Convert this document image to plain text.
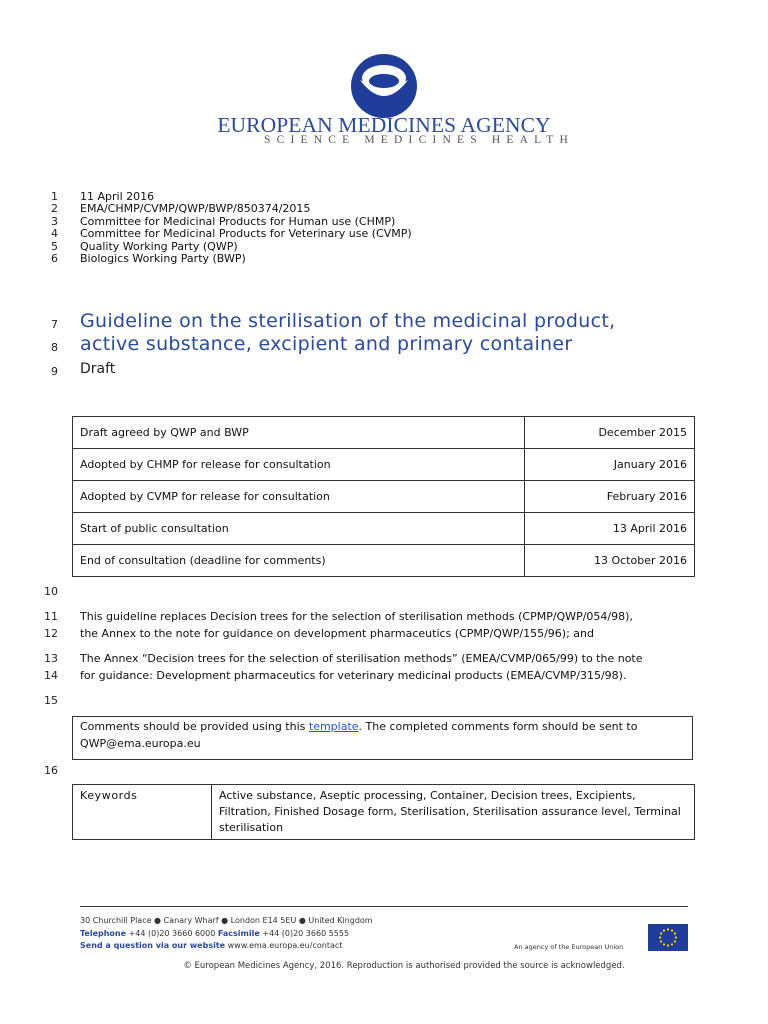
EUROPEAN MEDICINES AGENCY
SCIENCE MEDICINES HEALTH
1 11 April 2016
2 EMA/CHMP/CVMP/QWP/BWP/850374/2015
3 Committee for Medicinal Products for Human use (CHMP)
4 Committee for Medicinal Products for Veterinary use (CVMP)
5 Quality Working Party (QWP)
6 Biologics Working Party (BWP)
7 Guideline on the sterilisation of the medicinal product,
8 active substance, excipient and primary container
9 Draft
Draft agreed by QWP and BWP	December 2015
Adopted by CHMP for release for consultation	January 2016
Adopted by CVMP for release for consultation	February 2016
Start of public consultation	13 April 2016
End of consultation (deadline for comments)	13 October 2016
10
11 This guideline replaces Decision trees for the selection of sterilisation methods (CPMP/QWP/054/98),
12 the Annex to the note for guidance on development pharmaceutics (CPMP/QWP/155/96); and
13 The Annex “Decision trees for the selection of sterilisation methods” (EMEA/CVMP/065/99) to the note
14 for guidance: Development pharmaceutics for veterinary medicinal products (EMEA/CVMP/315/98).
15
Comments should be provided using this template. The completed comments form should be sent to
QWP@ema.europa.eu
16
Keywords	Active substance, Aseptic processing, Container, Decision trees, Excipients, Filtration, Finished Dosage form, Sterilisation, Sterilisation assurance level, Terminal sterilisation
30 Churchill Place ● Canary Wharf ● London E14 5EU ● United Kingdom
Telephone +44 (0)20 3660 6000 Facsimile +44 (0)20 3660 5555
Send a question via our website www.ema.europa.eu/contact	An agency of the European Union
© European Medicines Agency, 2016. Reproduction is authorised provided the source is acknowledged.
